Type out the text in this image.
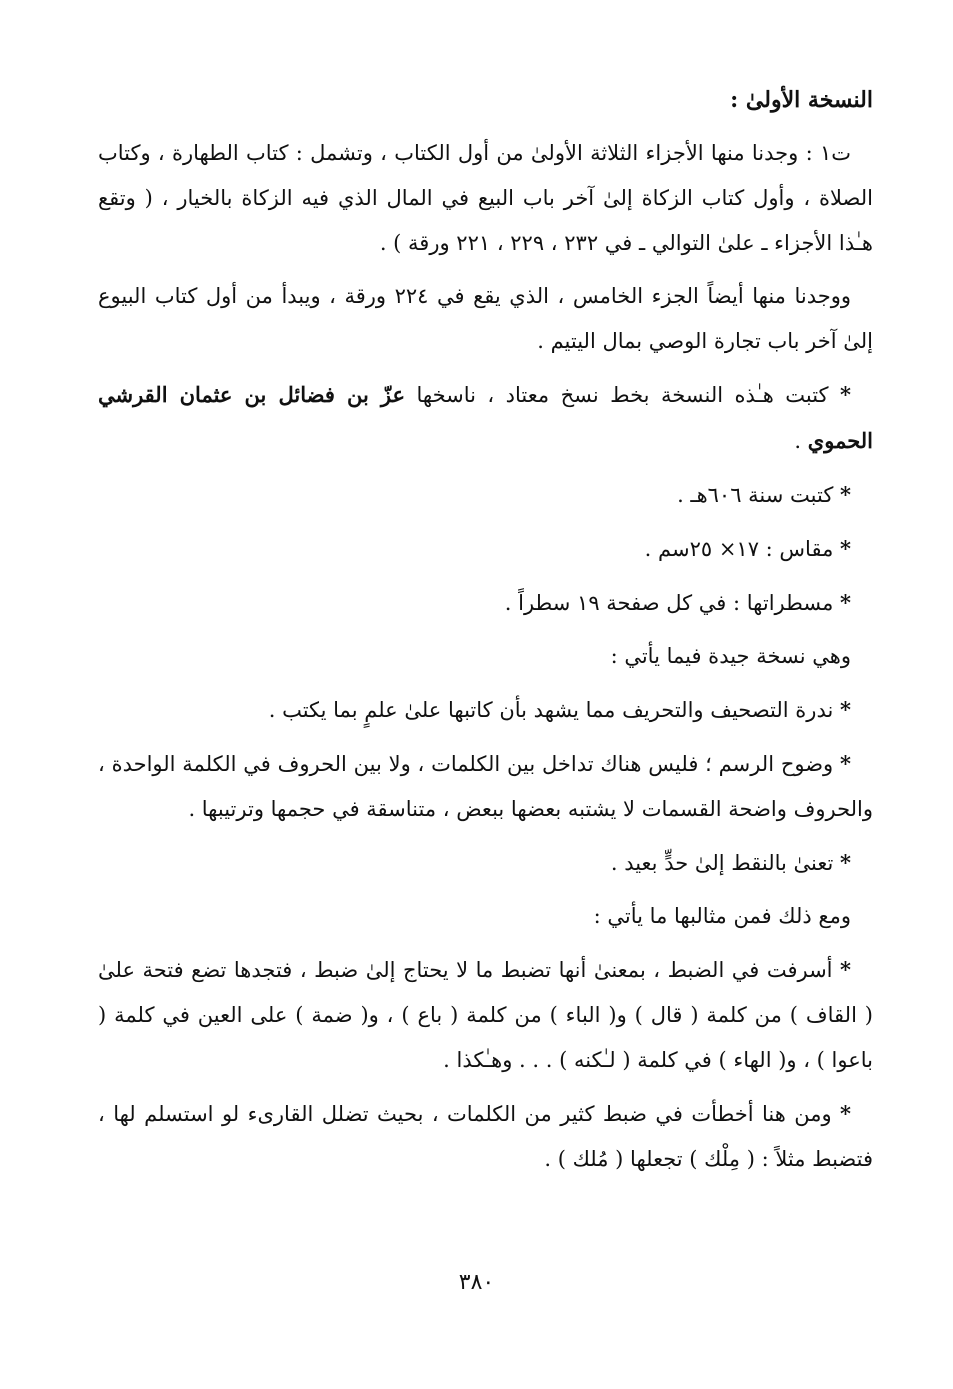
النسخة الأولىٰ :

ت١ : وجدنا منها الأجزاء الثلاثة الأولىٰ من أول الكتاب ، وتشمل : كتاب الطهارة ، وكتاب الصلاة ، وأول كتاب الزكاة إلىٰ آخر باب البيع في المال الذي فيه الزكاة بالخيار ، ( وتقع هـٰذا الأجزاء ـ علىٰ التوالي ـ في ٢٣٢ ، ٢٢٩ ، ٢٢١ ورقة ) .

ووجدنا منها أيضاً الجزء الخامس ، الذي يقع في ٢٢٤ ورقة ، ويبدأ من أول كتاب البيوع إلىٰ آخر باب تجارة الوصي بمال اليتيم .

* كتبت هـٰذه النسخة بخط نسخ معتاد ، ناسخها عزّ بن فضائل بن عثمان القرشي الحموي .

* كتبت سنة ٦٠٦هـ .

* مقاس : ١٧× ٢٥سم .

* مسطراتها : في كل صفحة ١٩ سطراً .

وهي نسخة جيدة فيما يأتي :

* ندرة التصحيف والتحريف مما يشهد بأن كاتبها علىٰ علمٍ بما يكتب .

* وضوح الرسم ؛ فليس هناك تداخل بين الكلمات ، ولا بين الحروف في الكلمة الواحدة ، والحروف واضحة القسمات لا يشتبه بعضها ببعض ، متناسقة في حجمها وترتيبها .

* تعنىٰ بالنقط إلىٰ حدٍّ بعيد .

ومع ذلك فمن مثالبها ما يأتي :

* أسرفت في الضبط ، بمعنىٰ أنها تضبط ما لا يحتاج إلىٰ ضبط ، فتجدها تضع فتحة علىٰ ( القاف ) من كلمة ( قال ) و( الباء ) من كلمة ( باع ) ، و( ضمة ) على العين في كلمة ( باعوا ) ، و( الهاء ) في كلمة ( لـٰكنه ) . . . وهـٰكذا .

* ومن هنا أخطأت في ضبط كثير من الكلمات ، بحيث تضلل القارىء لو استسلم لها ، فتضبط مثلاً : ( مِلْك ) تجعلها ( مُلك ) .

٣٨٠
